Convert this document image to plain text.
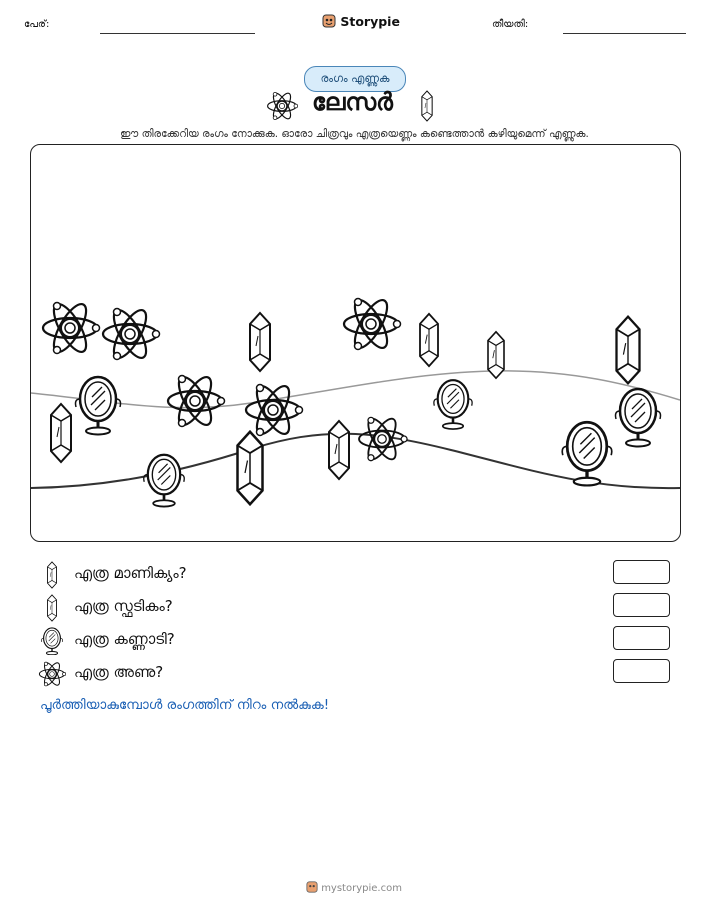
പേര്:	Storypie	തീയതി:
രംഗം എണ്ണുക
ലേസർ
ഈ തിരക്കേറിയ രംഗം നോക്കുക. ഓരോ ചിത്രവും എത്രയെണ്ണം കണ്ടെത്താൻ കഴിയുമെന്ന് എണ്ണുക.
എത്ര മാണിക്യം?
എത്ര സ്ഫടികം?
എത്ര കണ്ണാടി?
എത്ര അണു?
പൂർത്തിയാകുമ്പോൾ രംഗത്തിന് നിറം നൽകുക!
mystorypie.com
